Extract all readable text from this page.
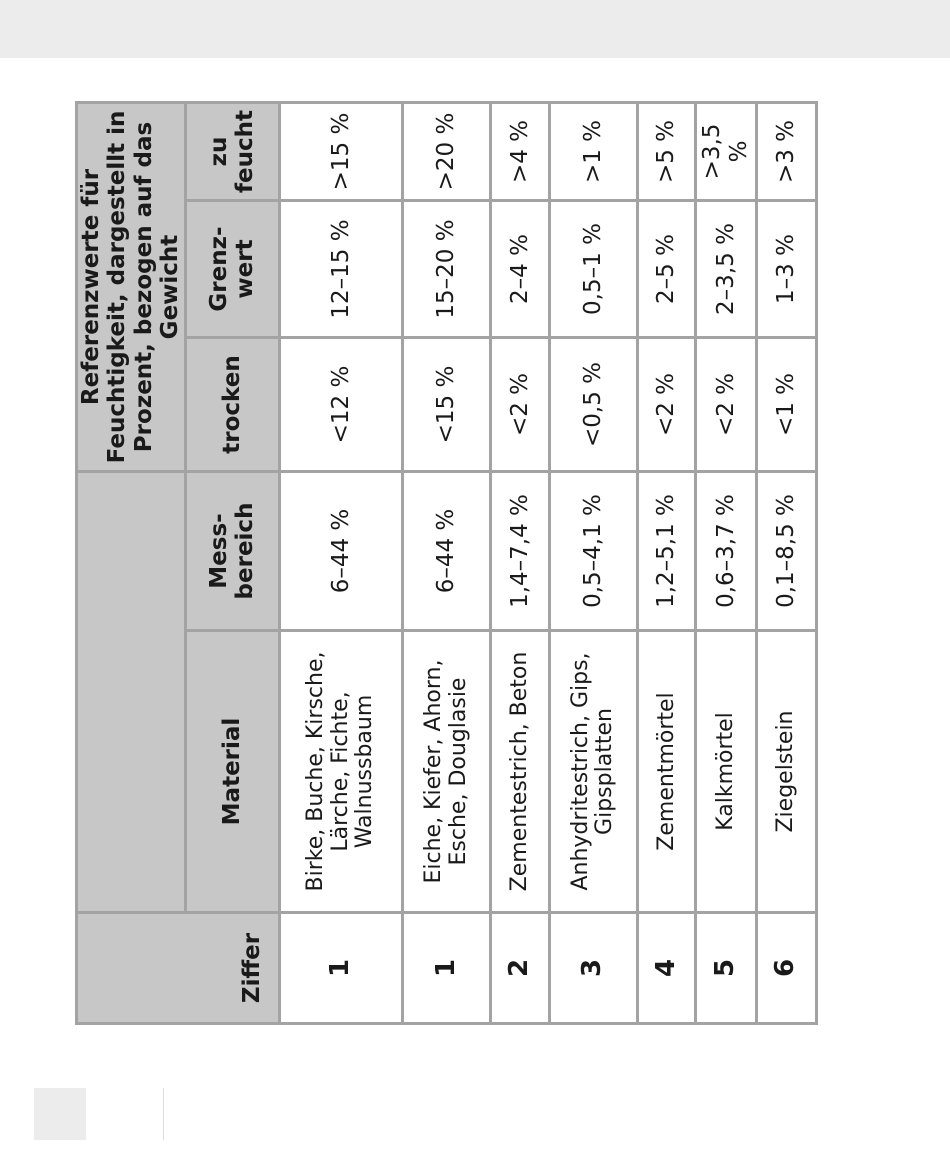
Ziffer			Referenzwerte für Feuchtigkeit, dargestellt in Prozent, bezogen auf das Gewicht		
	Material	Mess-bereich	trocken	Grenz-wert	zu feucht
1	Birke, Buche, Kirsche, Lärche, Fichte, Walnussbaum	6–44 %	<12 %	12–15 %	>15 %
1	Eiche, Kiefer, Ahorn, Esche, Douglasie	6–44 %	<15 %	15–20 %	>20 %
2	Zementestrich, Beton	1,4–7,4 %	<2 %	2–4 %	>4 %
3	Anhydritestrich, Gips, Gipsplatten	0,5–4,1 %	<0,5 %	0,5–1 %	>1 %
4	Zementmörtel	1,2–5,1 %	<2 %	2–5 %	>5 %
5	Kalkmörtel	0,6–3,7 %	<2 %	2–3,5 %	>3,5 %
6	Ziegelstein	0,1–8,5 %	<1 %	1–3 %	>3 %
